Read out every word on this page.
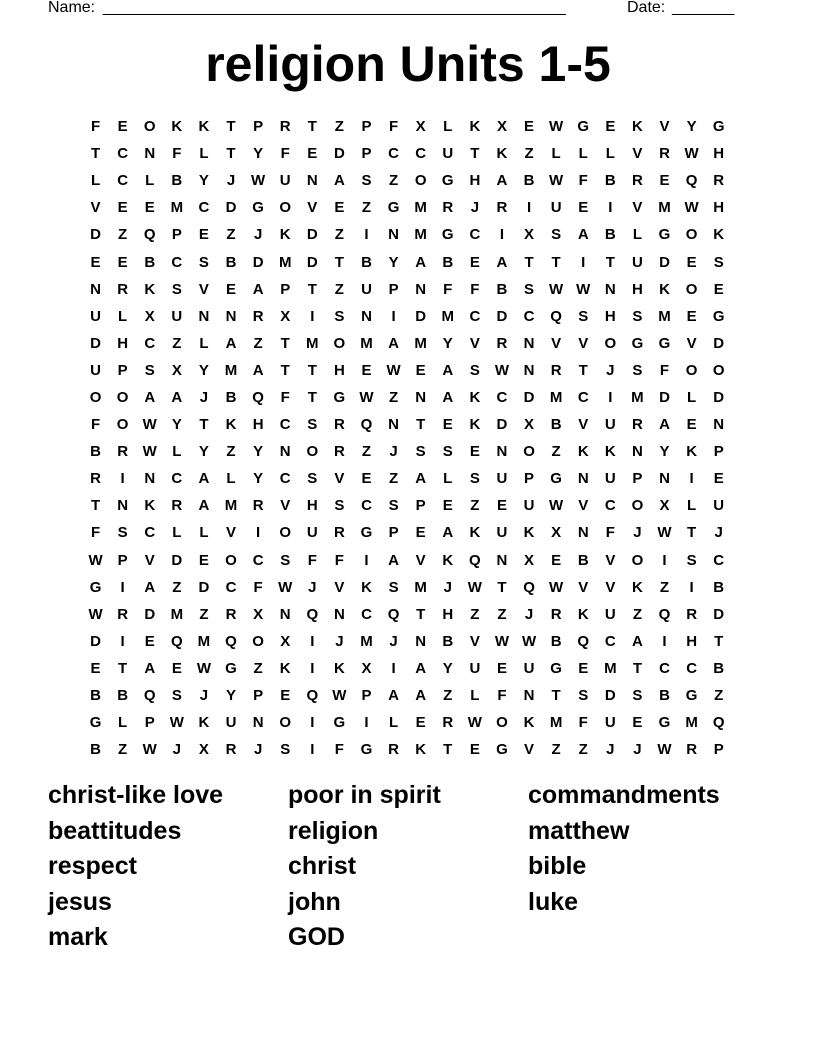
Name: ____________________________________________________	Date: _______
religion Units 1-5
F	E	O	K	K	T	P	R	T	Z	P	F	X	L	K	X	E	W G	E	K	V	Y	G
T	C	N	F	L	T	Y	F	E	D	P	C	C	U	T	K	Z	L	L	L	V	R W H
L	C	L	B	Y	J	W U	N	A	S	Z	O	G	H	A	B W	F	B	R	E	Q	R
V	E	E	M	C	D	G	O	V	E	Z	G	M	R	J	R	I	U	E	I	V	M W H
D	Z	Q	P	E	Z	J	K	D	Z	I	N	M	G	C	I	X	S	A	B	L	G	O	K
E	E	B	C	S	B	D	M	D	T	B	Y	A	B	E	A	T	T	I	T	U	D	E	S
N	R	K	S	V	E	A	P	T	Z	U	P	N	F	F	B	S	W W N	H	K	O	E
U	L	X	U	N	N	R	X	I	S	N	I	D	M	C	D	C	Q	S	H	S	M	E	G
D	H	C	Z	L	A	Z	T	M	O	M	A	M	Y	V	R	N	V	V	O	G	G	V	D
U	P	S	X	Y	M	A	T	T	H	E	W	E	A	S	W N	R	T	J	S	F	O	O
O	O	A	A	J	B	Q	F	T	G W	Z	N	A	K	C	D	M	C	I	M	D	L	D
F	O W	Y	T	K	H	C	S	R	Q	N	T	E	K	D	X	B	V	U	R	A	E	N
B	R W	L	Y	Z	Y	N	O	R	Z	J	S	S	E	N	O	Z	K	K	N	Y	K	P
R	I	N	C	A	L	Y	C	S	V	E	Z	A	L	S	U	P	G	N	U	P	N	I	E
T	N	K	R	A	M	R	V	H	S	C	S	P	E	Z	E	U W	V	C	O	X	L	U
F	S	C	L	L	V	I	O	U	R	G	P	E	A	K	U	K	X	N	F	J	W	T	J
W	P	V	D	E	O	C	S	F	F	I	A	V	K	Q	N	X	E	B	V	O	I	S	C
G	I	A	Z	D	C	F	W	J	V	K	S	M	J	W	T	Q W	V	V	K	Z	I	B
W R	D	M	Z	R	X	N	Q	N	C	Q	T	H	Z	Z	J	R	K	U	Z	Q	R	D
D	I	E	Q	M	Q	O	X	I	J	M	J	N	B	V	W W B	Q	C	A	I	H	T
E	T	A	E	W G	Z	K	I	K	X	I	A	Y	U	E	U	G	E	M	T	C	C	B
B	B	Q	S	J	Y	P	E	Q W	P	A	A	Z	L	F	N	T	S	D	S	B	G	Z
G	L	P	W K	U	N	O	I	G	I	L	E	R W O	K	M	F	U	E	G	M	Q
B	Z	W	J	X	R	J	S	I	F	G	R	K	T	E	G	V	Z	Z	J	J	W R	P
christ-like love	poor in spirit	commandments
beattitudes	religion	matthew
respect	christ	bible
jesus	john	luke
mark	GOD
